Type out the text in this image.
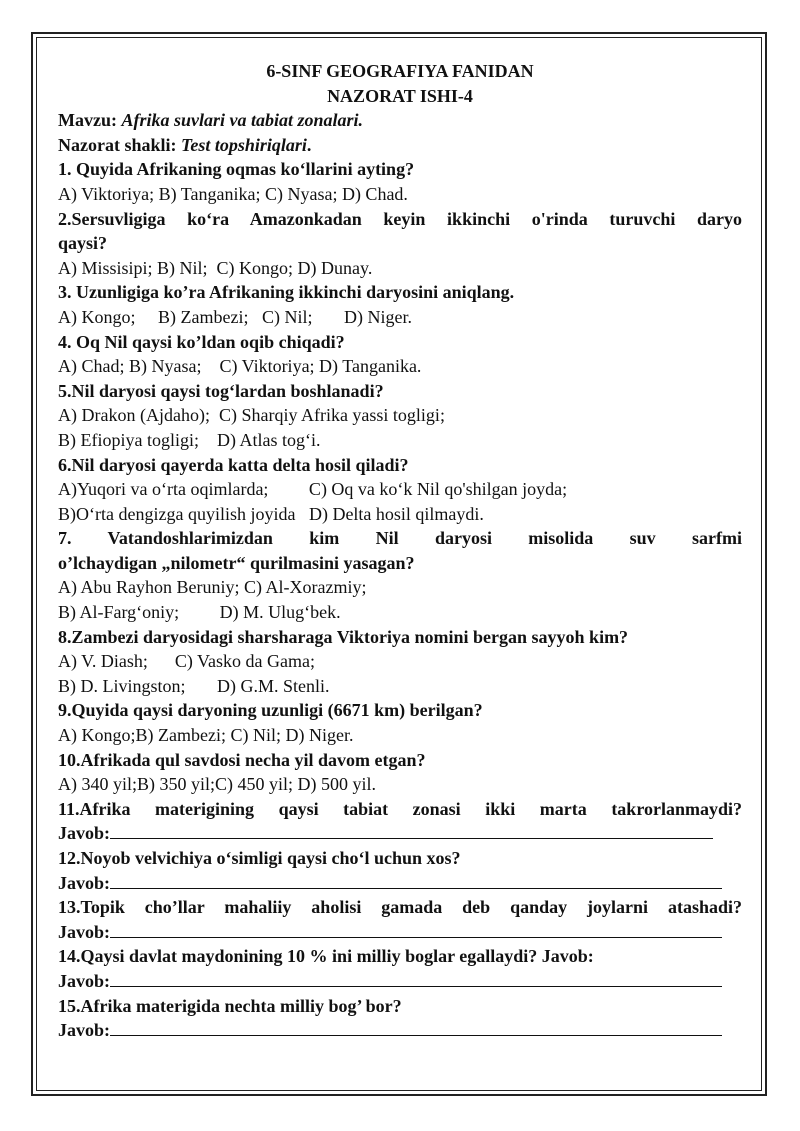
6-SINF GEOGRAFIYA FANIDAN
NAZORAT ISHI-4
Mavzu: Afrika suvlari va tabiat zonalari.
Nazorat shakli: Test topshiriqlari.
1. Quyida Afrikaning oqmas ko‘llarini ayting?
A) Viktoriya; B) Tanganika; C) Nyasa; D) Chad.
2.Sersuvligiga ko‘ra Amazonkadan keyin ikkinchi o'rinda turuvchi daryo
qaysi?
A) Missisipi; B) Nil;  C) Kongo; D) Dunay.
3. Uzunligiga ko’ra Afrikaning ikkinchi daryosini aniqlang.
A) Kongo;     B) Zambezi;   C) Nil;       D) Niger.
4. Oq Nil qaysi ko’ldan oqib chiqadi?
A) Chad; B) Nyasa;    C) Viktoriya; D) Tanganika.
5.Nil daryosi qaysi tog‘lardan boshlanadi?
A) Drakon (Ajdaho);  C) Sharqiy Afrika yassi togligi;
B) Efiopiya togligi;    D) Atlas tog‘i.
6.Nil daryosi qayerda katta delta hosil qiladi?
A)Yuqori va o‘rta oqimlarda;         C) Oq va ko‘k Nil qo'shilgan joyda;
B)O‘rta dengizga quyilish joyida   D) Delta hosil qilmaydi.
7. Vatandoshlarimizdan kim Nil daryosi misolida suv sarfmi
o’lchaydigan „nilometr“ qurilmasini yasagan?
A) Abu Rayhon Beruniy; C) Al-Xorazmiy;
B) Al-Farg‘oniy;         D) M. Ulug‘bek.
8.Zambezi daryosidagi sharsharaga Viktoriya nomini bergan sayyoh kim?
A) V. Diash;      C) Vasko da Gama;
B) D. Livingston;       D) G.M. Stenli.
9.Quyida qaysi daryoning uzunligi (6671 km) berilgan?
A) Kongo;B) Zambezi; C) Nil; D) Niger.
10.Afrikada qul savdosi necha yil davom etgan?
A) 340 yil;B) 350 yil;C) 450 yil; D) 500 yil.
11.Afrika materigining qaysi tabiat zonasi ikki marta takrorlanmaydi?
Javob:
12.Noyob velvichiya o‘simligi qaysi cho‘l uchun xos?
Javob:
13.Topik cho’llar mahaliiy aholisi gamada deb qanday joylarni atashadi?
Javob:
14.Qaysi davlat maydonining 10 % ini milliy boglar egallaydi? Javob:
Javob:
15.Afrika materigida nechta milliy bog’ bor?
Javob:
